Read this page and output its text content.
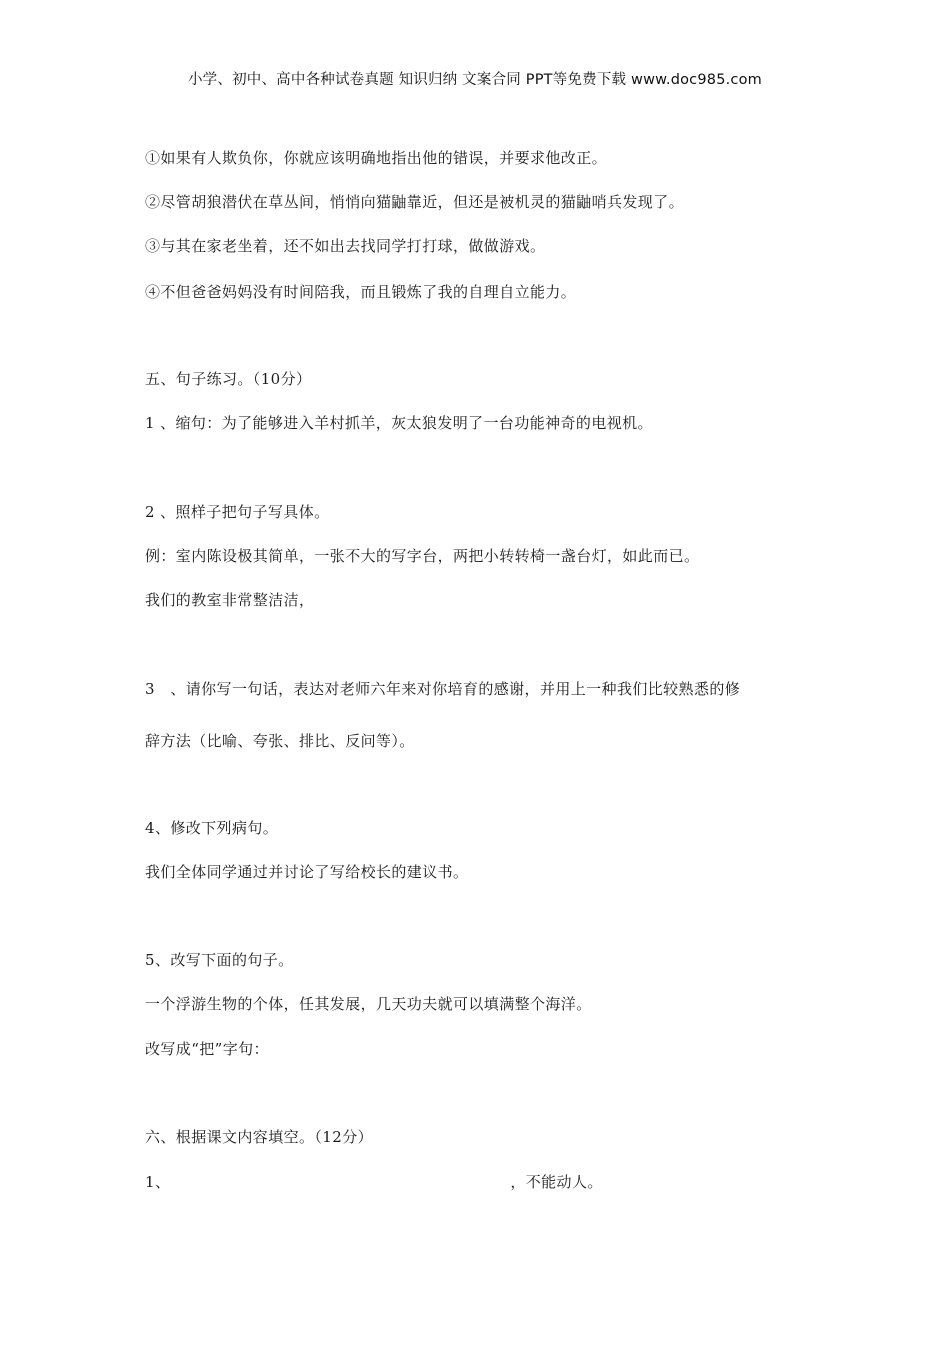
小学、初中、高中各种试卷真题 知识归纳 文案合同 PPT等免费下载 www.doc985.com
①如果有人欺负你，你就应该明确地指出他的错误，并要求他改正。
②尽管胡狼潜伏在草丛间，悄悄向猫鼬靠近，但还是被机灵的猫鼬哨兵发现了。
③与其在家老坐着，还不如出去找同学打打球，做做游戏。
④不但爸爸妈妈没有时间陪我，而且锻炼了我的自理自立能力。
五、句子练习。（10分）
1 、缩句：为了能够进入羊村抓羊，灰太狼发明了一台功能神奇的电视机。
2 、照样子把句子写具体。
例：室内陈设极其简单，一张不大的写字台，两把小转转椅一盏台灯，如此而已。
我们的教室非常整洁洁，
3　、请你写一句话，表达对老师六年来对你培育的感谢，并用上一种我们比较熟悉的修
辞方法（比喻、夸张、排比、反问等）。
4、修改下列病句。
我们全体同学通过并讨论了写给校长的建议书。
5、改写下面的句子。
一个浮游生物的个体，任其发展，几天功夫就可以填满整个海洋。
改写成“把”字句：
六、根据课文内容填空。（12分）
1、	，不能动人。
